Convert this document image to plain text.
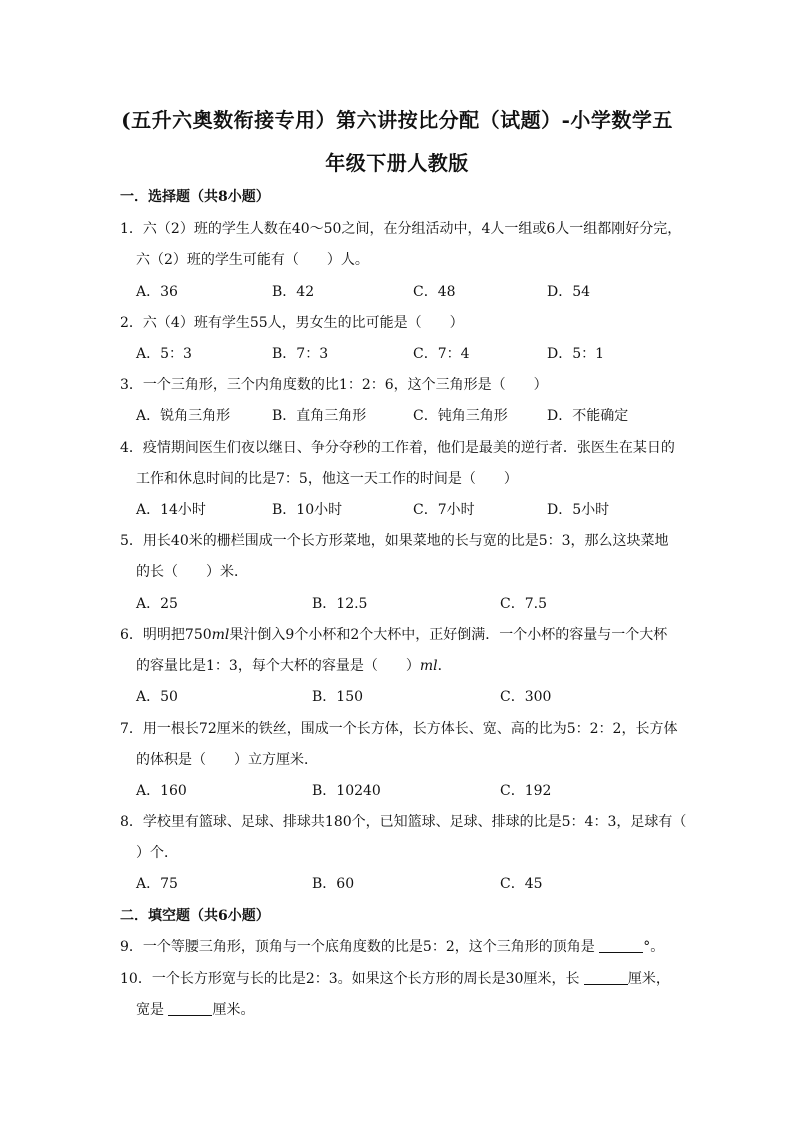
(五升六奥数衔接专用）第六讲按比分配（试题）-小学数学五
年级下册人教版
一．选择题（共8小题）
1．六（2）班的学生人数在40～50之间，在分组活动中，4人一组或6人一组都刚好分完，
六（2）班的学生可能有（　　）人。
A．36	B．42	C．48	D．54
2．六（4）班有学生55人，男女生的比可能是（　　）
A．5：3	B．7：3	C．7：4	D．5：1
3．一个三角形，三个内角度数的比1：2：6，这个三角形是（　　）
A．锐角三角形	B．直角三角形	C．钝角三角形	D．不能确定
4．疫情期间医生们夜以继日、争分夺秒的工作着，他们是最美的逆行者．张医生在某日的
工作和休息时间的比是7：5，他这一天工作的时间是（　　）
A．14小时	B．10小时	C．7小时	D．5小时
5．用长40米的栅栏围成一个长方形菜地，如果菜地的长与宽的比是5：3，那么这块菜地
的长（　　）米．
A．25	B．12.5	C．7.5
6．明明把750ml果汁倒入9个小杯和2个大杯中，正好倒满．一个小杯的容量与一个大杯
的容量比是1：3，每个大杯的容量是（　　）ml．
A．50	B．150	C．300
7．用一根长72厘米的铁丝，围成一个长方体，长方体长、宽、高的比为5：2：2，长方体
的体积是（　　）立方厘米．
A．160	B．10240	C．192
8．学校里有篮球、足球、排球共180个，已知篮球、足球、排球的比是5：4：3，足球有（
）个．
A．75	B．60	C．45
二．填空题（共6小题）
9．一个等腰三角形，顶角与一个底角度数的比是5：2，这个三角形的顶角是	°。
10．一个长方形宽与长的比是2：3。如果这个长方形的周长是30厘米，长	厘米，
宽是	厘米。
